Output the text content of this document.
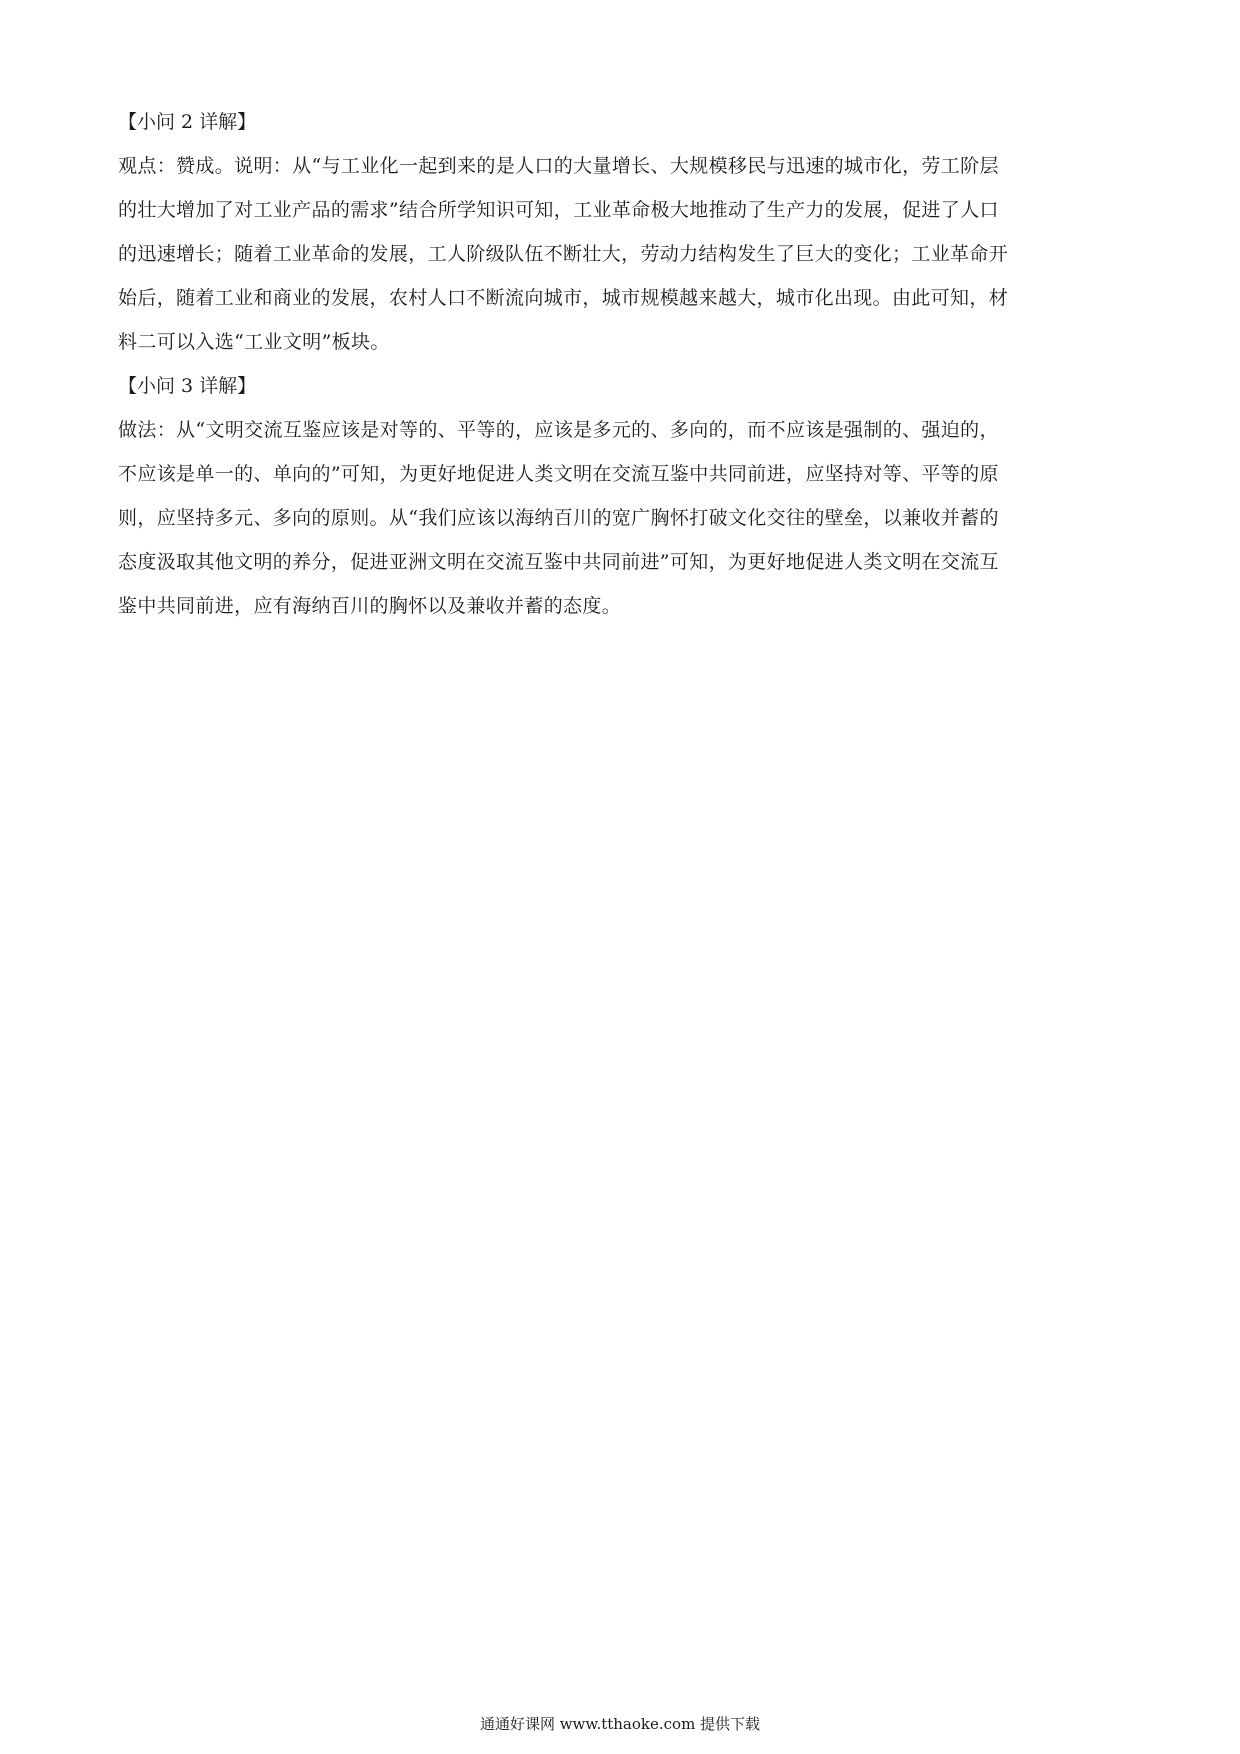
【小问 2 详解】

观点：赞成。说明：从“与工业化一起到来的是人口的大量增长、大规模移民与迅速的城市化，劳工阶层

的壮大增加了对工业产品的需求”结合所学知识可知，工业革命极大地推动了生产力的发展，促进了人口

的迅速增长；随着工业革命的发展，工人阶级队伍不断壮大，劳动力结构发生了巨大的变化；工业革命开

始后，随着工业和商业的发展，农村人口不断流向城市，城市规模越来越大，城市化出现。由此可知，材

料二可以入选“工业文明”板块。

【小问 3 详解】

做法：从“文明交流互鉴应该是对等的、平等的，应该是多元的、多向的，而不应该是强制的、强迫的，

不应该是单一的、单向的”可知，为更好地促进人类文明在交流互鉴中共同前进，应坚持对等、平等的原

则，应坚持多元、多向的原则。从“我们应该以海纳百川的宽广胸怀打破文化交往的壁垒，以兼收并蓄的

态度汲取其他文明的养分，促进亚洲文明在交流互鉴中共同前进”可知，为更好地促进人类文明在交流互

鉴中共同前进，应有海纳百川的胸怀以及兼收并蓄的态度。

通通好课网 www.tthaoke.com 提供下载
